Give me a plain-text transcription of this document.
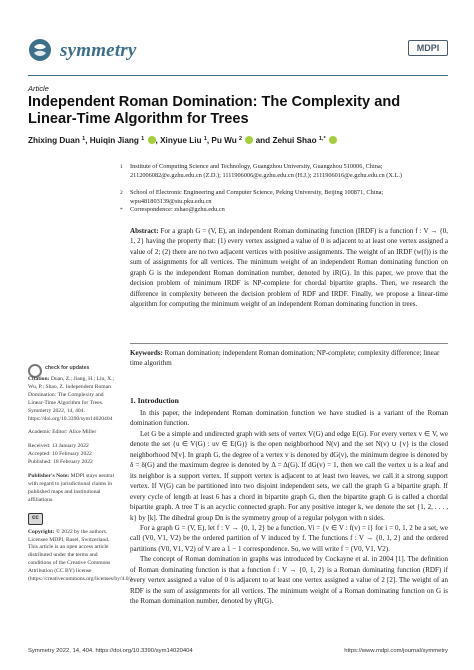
symmetry	MDPI
Article
Independent Roman Domination: The Complexity and Linear-Time Algorithm for Trees
Zhixing Duan $^1$, Huiqin Jiang $^1$ , Xinyue Liu $^1$, Pu Wu $^2$  and Zehui Shao $^{1,*}$
1 Institute of Computing Science and Technology, Guangzhou University, Guangzhou 510006, China; 2112006082@e.gzhu.edu.cn (Z.D.); 1111906006@e.gzhu.edu.cn (H.J.); 2111906016@e.gzhu.edu.cn (X.L.)
2 School of Electronic Engineering and Computer Science, Peking University, Beijing 100871, China; wpu481803139@stu.pku.edu.cn
* Correspondence: zshao@gzhu.edu.cn
Abstract: For a graph G = (V, E), an independent Roman dominating function (IRDF) is a function f : V → {0, 1, 2} having the property that: (1) every vertex assigned a value of 0 is adjacent to at least one vertex assigned a value of 2; (2) there are no two adjacent vertices with positive assignments. The weight of an IRDF (w(f)) is the sum of assignments for all vertices. The minimum weight of an independent Roman dominating function on graph G is the independent Roman domination number, denoted by iR(G). In this paper, we prove that the decision problem of minimum IRDF is NP-complete for chordal bipartite graphs. Then, we research the difference in complexity between the decision problem of RDF and IRDF. Finally, we propose a linear-time algorithm for computing the minimum weight of an independent Roman dominating function in trees.
Keywords: Roman domination; independent Roman domination; NP-complete; complexity difference; linear time algorithm
check for updates
Citation: Duan, Z.; Jiang, H.; Liu, X.; Wu, P.; Shao, Z. Independent Roman Domination: The Complexity and Linear-Time Algorithm for Trees. Symmetry 2022, 14, 404. https://doi.org/10.3390/sym14020404
Academic Editor: Alice Miller
Received: 13 January 2022
Accepted: 10 February 2022
Published: 18 February 2022
Publisher's Note: MDPI stays neutral with regard to jurisdictional claims in published maps and institutional affiliations.
cc
Copyright: © 2022 by the authors. Licensee MDPI, Basel, Switzerland. This article is an open access article distributed under the terms and conditions of the Creative Commons Attribution (CC BY) license (https://creativecommons.org/licenses/by/4.0/).
1. Introduction

In this paper, the independent Roman domination function we have studied is a variant of the Roman domination function.

Let G be a simple and undirected graph with sets of vertex V(G) and edge E(G). For every vertex v ∈ V, we denote the set {u ∈ V(G) : uv ∈ E(G)} is the open neighborhood N(v) and the set N(v) ∪ {v} is the closed neighborhood N[v]. In graph G, the degree of a vertex v is denoted by dG(v), the minimum degree is denoted by δ = δ(G) and the maximum degree is denoted by Δ = Δ(G). If dG(v) = 1, then we call the vertex u is a leaf and its neighbor is a support vertex. If support vertex is adjacent to at least two leaves, we call it a strong support vertex. If V(G) can be partitioned into two disjoint independent sets, we call the graph G a bipartite graph. If every cycle of length at least 6 has a chord in bipartite graph G, then the bipartite graph G is called a chordal bipartite graph. A tree T is an acyclic connected graph. For any positive integer k, we denote the set {1, 2, . . . , k} by [k]. The dihedral group Dn is the symmetry group of a regular polygon with n sides.

For a graph G = (V, E), let f : V → {0, 1, 2} be a function, Vi = {v ∈ V : f(v) = i} for i = 0, 1, 2 be a set, we call (V0, V1, V2) be the ordered partition of V induced by f. The functions f : V → {0, 1, 2} and the ordered partitions (V0, V1, V2) of V are a 1 − 1 correspondence. So, we will write f = (V0, V1, V2).

The concept of Roman domination in graphs was introduced by Cockayne et al. in 2004 [1]. The definition of Roman dominating function is that a function f : V → {0, 1, 2} is a Roman dominating function (RDF) if every vertex assigned a value of 0 is adjacent to at least one vertex assigned a value of 2 [2]. The weight of an RDF is the sum of assignments for all vertices. The minimum weight of a Roman dominating function on G is the Roman domination number, denoted by γR(G).

Symmetry 2022, 14, 404. https://doi.org/10.3390/sym14020404	https://www.mdpi.com/journal/symmetry
